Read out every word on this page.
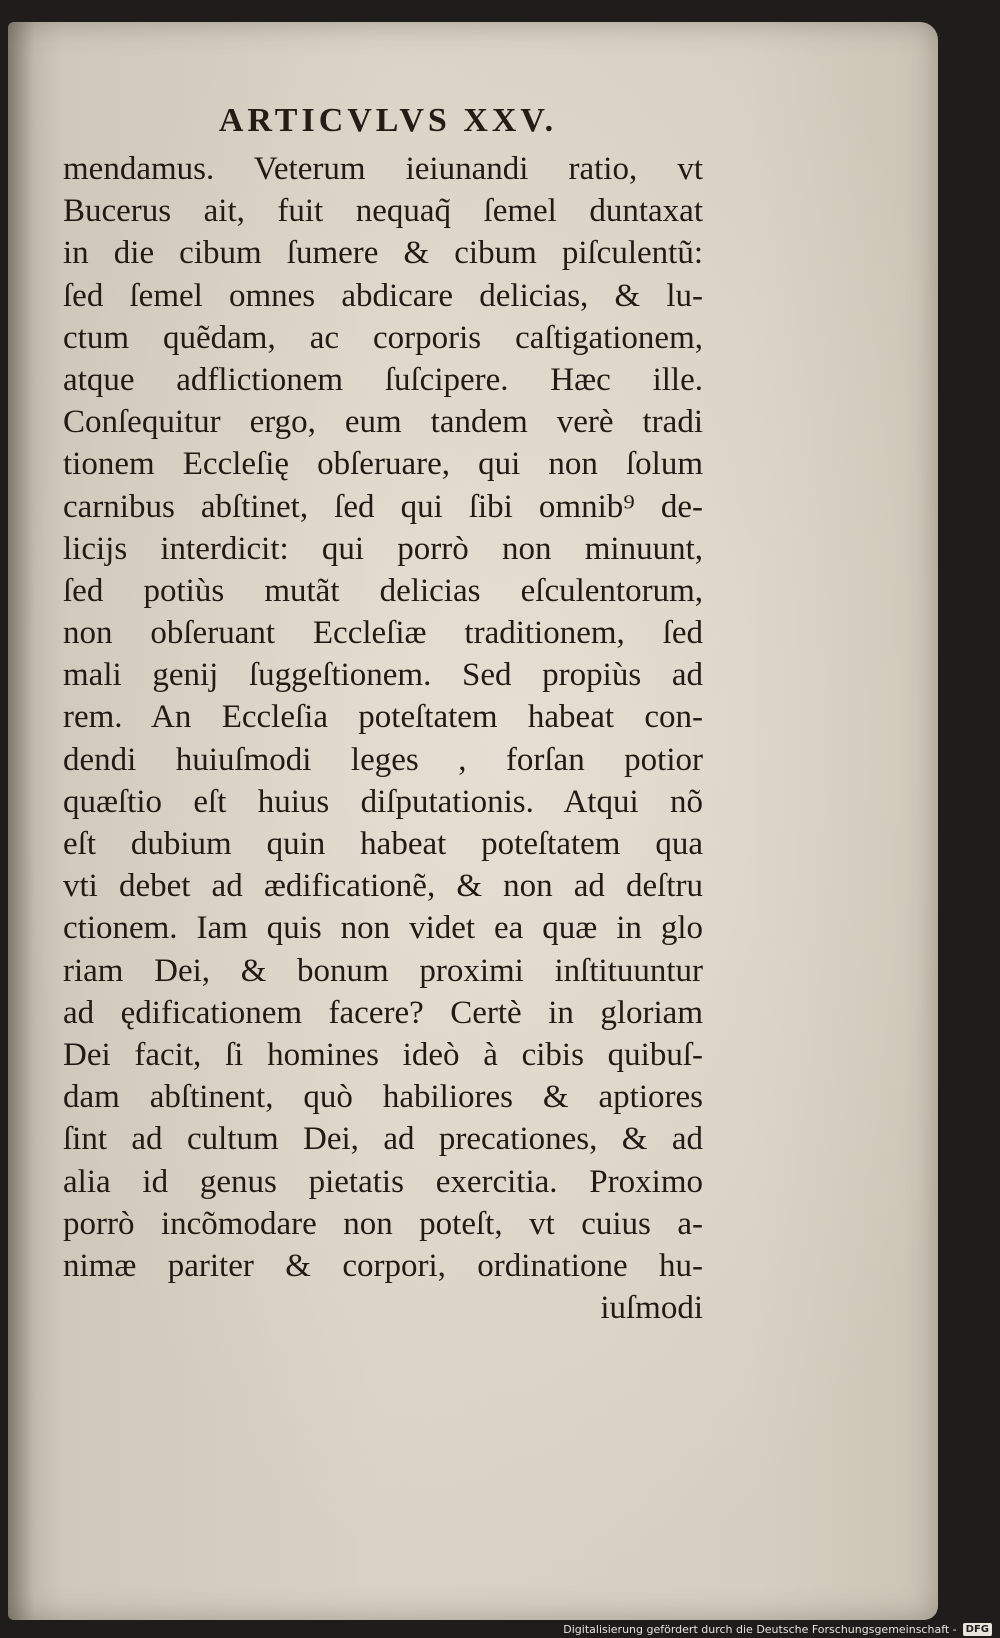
ARTICVLVS XXV.
mendamus. Veterum ieiunandi ratio, vt
Bucerus ait, fuit nequaq̃ ſemel duntaxat
in die cibum ſumere & cibum piſculentũ:
ſed ſemel omnes abdicare delicias, & lu-
ctum quẽdam, ac corporis caſtigationem,
atque adflictionem ſuſcipere. Hæc ille.
Conſequitur ergo, eum tandem verè tradi
tionem Eccleſię obſeruare, qui non ſolum
carnibus abſtinet, ſed qui ſibi omnib⁹ de-
licijs interdicit: qui porrò non minuunt,
ſed potiùs mutãt delicias eſculentorum,
non obſeruant Eccleſiæ traditionem, ſed
mali genij ſuggeſtionem. Sed propiùs ad
rem. An Eccleſia poteſtatem habeat con-
dendi huiuſmodi leges , forſan potior
quæſtio eſt huius diſputationis. Atqui nõ
eſt dubium quin habeat poteſtatem qua
vti debet ad ædificationẽ, & non ad deſtru
ctionem. Iam quis non videt ea quæ in glo
riam Dei, & bonum proximi inſtituuntur
ad ędificationem facere? Certè in gloriam
Dei facit, ſi homines ideò à cibis quibuſ-
dam abſtinent, quò habiliores & aptiores
ſint ad cultum Dei, ad precationes, & ad
alia id genus pietatis exercitia. Proximo
porrò incõmodare non poteſt, vt cuius a-
nimæ pariter & corpori, ordinatione hu-
iuſmodi
Digitalisierung gefördert durch die Deutsche Forschungsgemeinschaft - DFG
